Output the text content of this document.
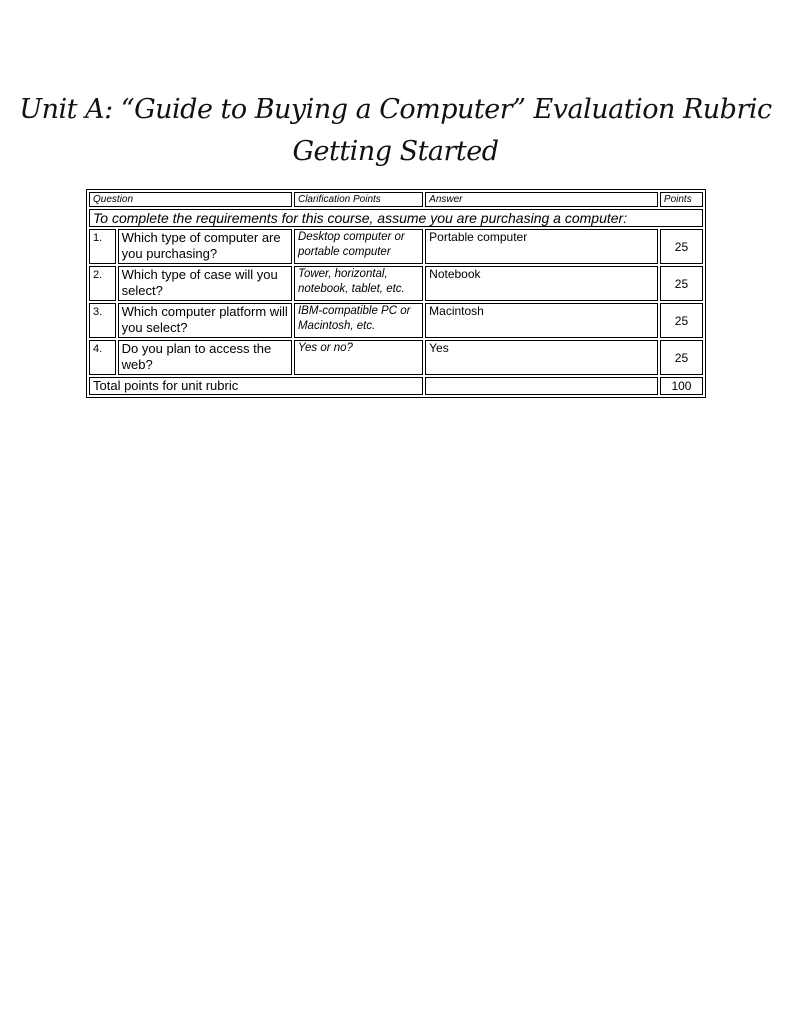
Unit A: “Guide to Buying a Computer” Evaluation Rubric
Getting Started
Question		Clarification Points	Answer	Points
To complete the requirements for this course, assume you are purchasing a computer:				
1.	Which type of computer are you purchasing?	Desktop computer or portable computer	Portable computer	25
2.	Which type of case will you select?	Tower, horizontal, notebook, tablet, etc.	Notebook	25
3.	Which computer platform will you select?	IBM-compatible PC or Macintosh, etc.	Macintosh	25
4.	Do you plan to access the web?	Yes or no?	Yes	25
Total points for unit rubric				100
